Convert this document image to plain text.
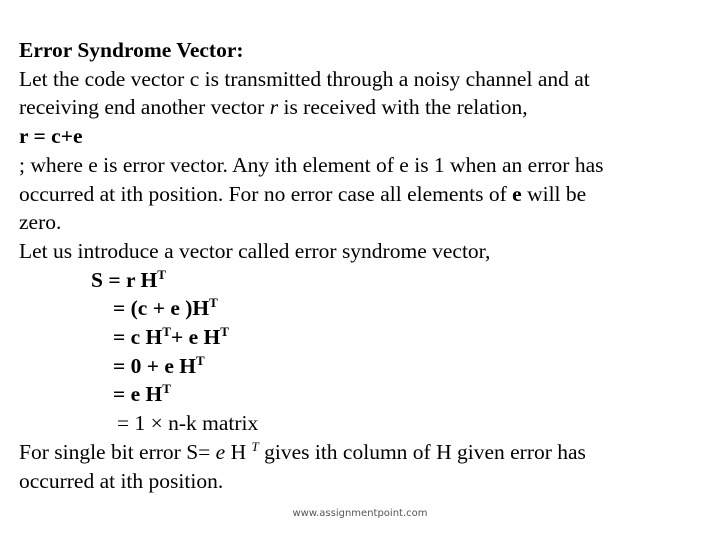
Error Syndrome Vector:
Let the code vector c is transmitted through a noisy channel and at
receiving end another vector r is received with the relation,
r = c+e
; where e is error vector. Any ith element of e is 1 when an error has
occurred at ith position. For no error case all elements of e will be
zero.
Let us introduce a vector called error syndrome vector,
S = r $H^T$
= (c + e )$H^T$
= c $H^T+ e$ $H^T$
= 0 + e $H^T$
= e $H^T$
= 1 × n-k matrix
For single bit error S= e H $^T$ gives ith column of H given error has
occurred at ith position.
www.assignmentpoint.com
